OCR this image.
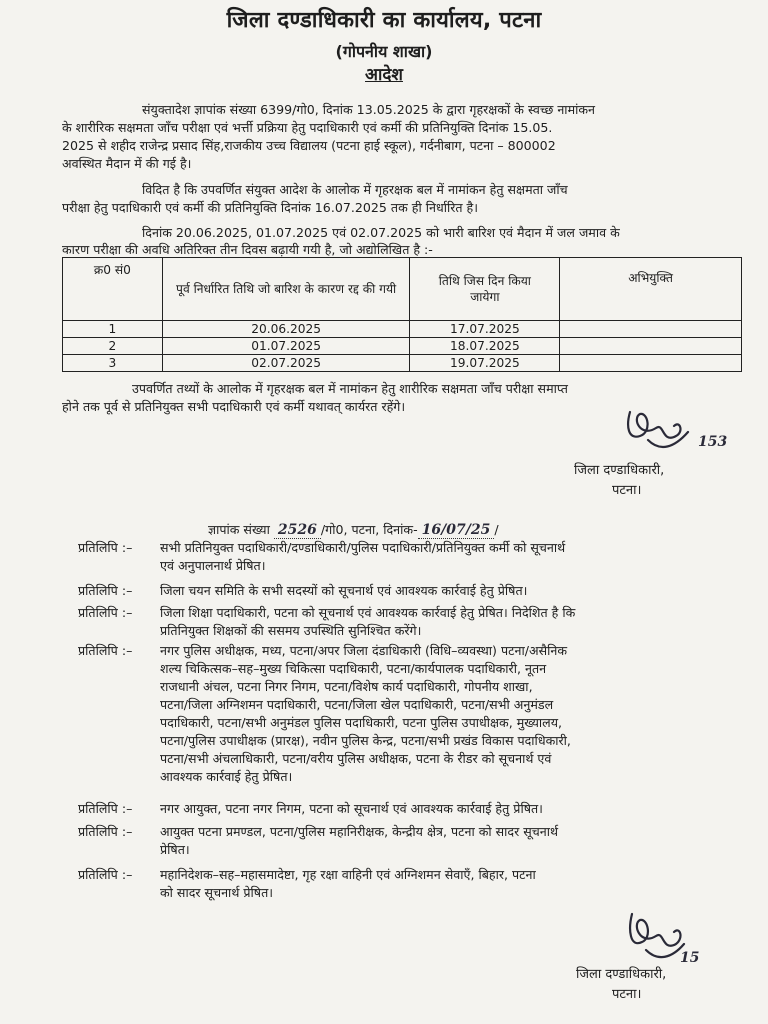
जिला दण्डाधिकारी का कार्यालय, पटना
(गोपनीय शाखा)
आदेश
संयुक्तादेश ज्ञापांक संख्या 6399/गो0, दिनांक 13.05.2025 के द्वारा गृहरक्षकों के स्वच्छ नामांकन
के शारीरिक सक्षमता जाँच परीक्षा एवं भर्त्ती प्रक्रिया हेतु पदाधिकारी एवं कर्मी की प्रतिनियुक्ति दिनांक 15.05.
2025 से शहीद राजेन्द्र प्रसाद सिंह,राजकीय उच्च विद्यालय (पटना हाई स्कूल), गर्दनीबाग, पटना – 800002
अवस्थित मैदान में की गई है।
विदित है कि उपवर्णित संयुक्त आदेश के आलोक में गृहरक्षक बल में नामांकन हेतु सक्षमता जाँच
परीक्षा हेतु पदाधिकारी एवं कर्मी की प्रतिनियुक्ति दिनांक 16.07.2025 तक ही निर्धारित है।
दिनांक 20.06.2025, 01.07.2025 एवं 02.07.2025 को भारी बारिश एवं मैदान में जल जमाव के
कारण परीक्षा की अवधि अतिरिक्त तीन दिवस बढ़ायी गयी है, जो अद्योलिखित है :-
क्र0 सं0	पूर्व निर्धारित तिथि जो बारिश के कारण रद्द की गयी	तिथि जिस दिन किया जायेगा	अभियुक्ति
1	20.06.2025	17.07.2025	
2	01.07.2025	18.07.2025	
3	02.07.2025	19.07.2025	
उपवर्णित तथ्यों के आलोक में गृहरक्षक बल में नामांकन हेतु शारीरिक सक्षमता जाँच परीक्षा समाप्त
होने तक पूर्व से प्रतिनियुक्त सभी पदाधिकारी एवं कर्मी यथावत् कार्यरत रहेंगे।
153
जिला दण्डाधिकारी,
पटना।
ज्ञापांक संख्या 2526 /गो0, पटना, दिनांक- 16/07/25 /
प्रतिलिपि :– सभी प्रतिनियुक्त पदाधिकारी/दण्डाधिकारी/पुलिस पदाधिकारी/प्रतिनियुक्त कर्मी को सूचनार्थ
एवं अनुपालनार्थ प्रेषित।
प्रतिलिपि :– जिला चयन समिति के सभी सदस्यों को सूचनार्थ एवं आवश्यक कार्रवाई हेतु प्रेषित।
प्रतिलिपि :– जिला शिक्षा पदाधिकारी, पटना को सूचनार्थ एवं आवश्यक कार्रवाई हेतु प्रेषित। निदेशित है कि
प्रतिनियुक्त शिक्षकों की ससमय उपस्थिति सुनिश्चित करेंगे।
प्रतिलिपि :– नगर पुलिस अधीक्षक, मध्य, पटना/अपर जिला दंडाधिकारी (विधि–व्यवस्था) पटना/असैनिक
शल्य चिकित्सक–सह–मुख्य चिकित्सा पदाधिकारी, पटना/कार्यपालक पदाधिकारी, नूतन
राजधानी अंचल, पटना निगर निगम, पटना/विशेष कार्य पदाधिकारी, गोपनीय शाखा,
पटना/जिला अग्निशमन पदाधिकारी, पटना/जिला खेल पदाधिकारी, पटना/सभी अनुमंडल
पदाधिकारी, पटना/सभी अनुमंडल पुलिस पदाधिकारी, पटना पुलिस उपाधीक्षक, मुख्यालय,
पटना/पुलिस उपाधीक्षक (प्रारक्ष), नवीन पुलिस केन्द्र, पटना/सभी प्रखंड विकास पदाधिकारी,
पटना/सभी अंचलाधिकारी, पटना/वरीय पुलिस अधीक्षक, पटना के रीडर को सूचनार्थ एवं
आवश्यक कार्रवाई हेतु प्रेषित।
प्रतिलिपि :– नगर आयुक्त, पटना नगर निगम, पटना को सूचनार्थ एवं आवश्यक कार्रवाई हेतु प्रेषित।
प्रतिलिपि :– आयुक्त पटना प्रमण्डल, पटना/पुलिस महानिरीक्षक, केन्द्रीय क्षेत्र, पटना को सादर सूचनार्थ
प्रेषित।
प्रतिलिपि :– महानिदेशक–सह–महासमादेष्टा, गृह रक्षा वाहिनी एवं अग्निशमन सेवाएँ, बिहार, पटना
को सादर सूचनार्थ प्रेषित।
15
जिला दण्डाधिकारी,
पटना।
